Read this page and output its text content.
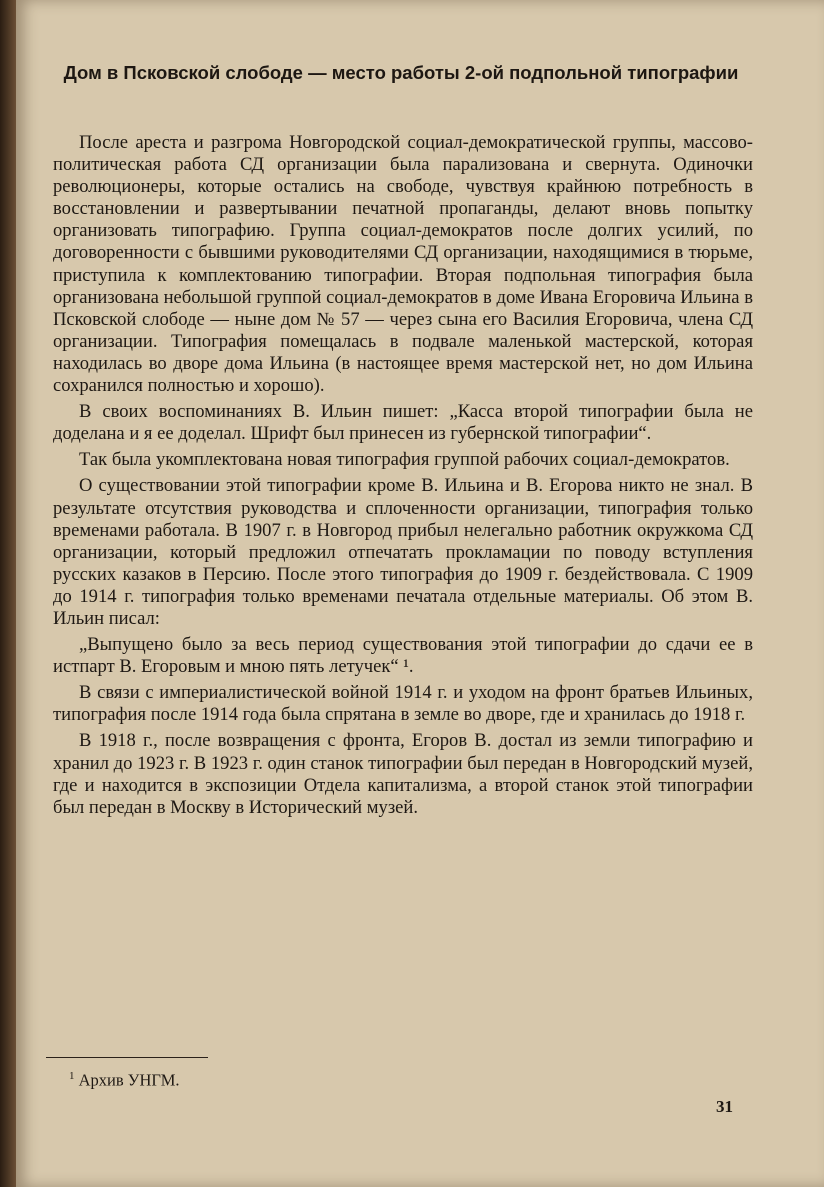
Дом в Псковской слободе — место работы 2-ой подпольной типографии

После ареста и разгрома Новгородской социал-демократической группы, массово-политическая работа СД организации была парализована и свернута. Одиночки революционеры, которые остались на свободе, чувствуя крайнюю потребность в восстановлении и развертывании печатной пропаганды, делают вновь попытку организовать типографию. Группа социал-демократов после долгих усилий, по договоренности с бывшими руководителями СД организации, находящимися в тюрьме, приступила к комплектованию типографии. Вторая подпольная типография была организована небольшой группой социал-демократов в доме Ивана Егоровича Ильина в Псковской слободе — ныне дом № 57 — через сына его Василия Егоровича, члена СД организации. Типография помещалась в подвале маленькой мастерской, которая находилась во дворе дома Ильина (в настоящее время мастерской нет, но дом Ильина сохранился полностью и хорошо).

В своих воспоминаниях В. Ильин пишет: „Касса второй типографии была не доделана и я ее доделал. Шрифт был принесен из губернской типографии“.

Так была укомплектована новая типография группой рабочих социал-демократов.

О существовании этой типографии кроме В. Ильина и В. Егорова никто не знал. В результате отсутствия руководства и сплоченности организации, типография только временами работала. В 1907 г. в Новгород прибыл нелегально работник окружкома СД организации, который предложил отпечатать прокламации по поводу вступления русских казаков в Персию. После этого типография до 1909 г. бездействовала. С 1909 до 1914 г. типография только временами печатала отдельные материалы. Об этом В. Ильин писал:

„Выпущено было за весь период существования этой типографии до сдачи ее в истпарт В. Егоровым и мною пять летучек“ ¹.

В связи с империалистической войной 1914 г. и уходом на фронт братьев Ильиных, типография после 1914 года была спрятана в земле во дворе, где и хранилась до 1918 г.

В 1918 г., после возвращения с фронта, Егоров В. достал из земли типографию и хранил до 1923 г. В 1923 г. один станок типографии был передан в Новгородский музей, где и находится в экспозиции Отдела капитализма, а второй станок этой типографии был передан в Москву в Исторический музей.

$^1$ Архив УНГМ.
31
